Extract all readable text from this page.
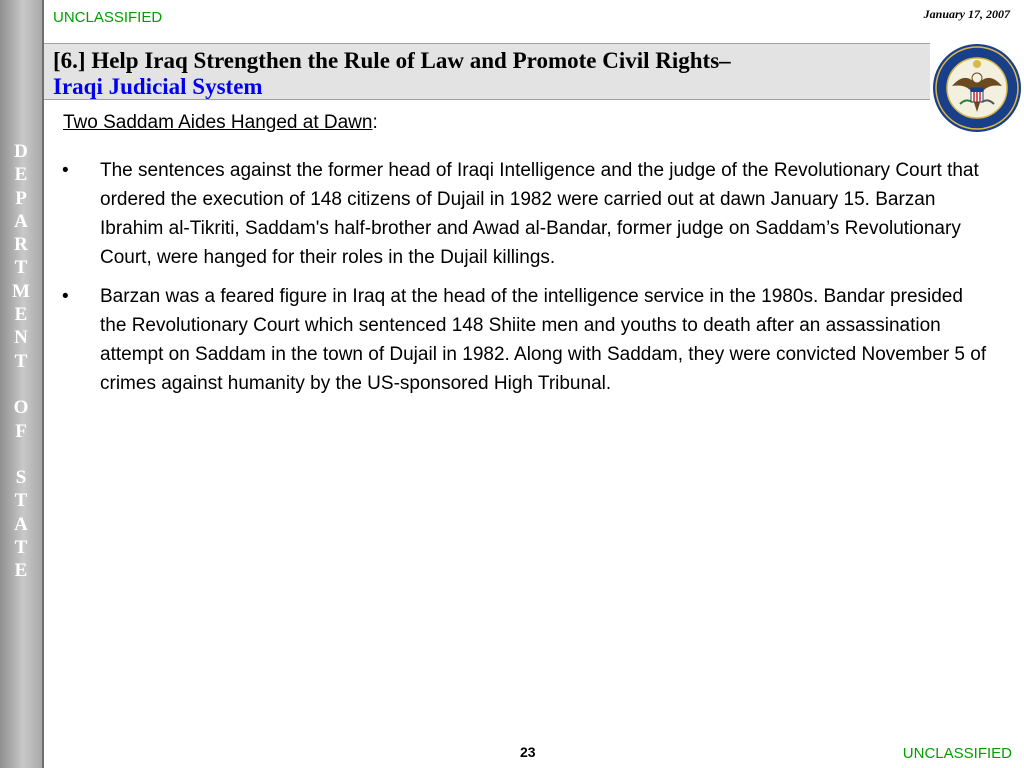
D
E
P
A
R
T
M
E
N
T
O
F
S
T
A
T
E
UNCLASSIFIED	January 17, 2007
[6.] Help Iraq Strengthen the Rule of Law and Promote Civil Rights–
Iraqi Judicial System
Two Saddam Aides Hanged at Dawn:
• The sentences against the former head of Iraqi Intelligence and the judge of the Revolutionary Court that ordered the execution of 148 citizens of Dujail in 1982 were carried out at dawn January 15. Barzan Ibrahim al-Tikriti, Saddam's half-brother and Awad al-Bandar, former judge on Saddam’s Revolutionary Court, were hanged for their roles in the Dujail killings.
• Barzan was a feared figure in Iraq at the head of the intelligence service in the 1980s. Bandar presided the Revolutionary Court which sentenced 148 Shiite men and youths to death after an assassination attempt on Saddam in the town of Dujail in 1982. Along with Saddam, they were convicted November 5 of crimes against humanity by the US-sponsored High Tribunal.
23	UNCLASSIFIED
